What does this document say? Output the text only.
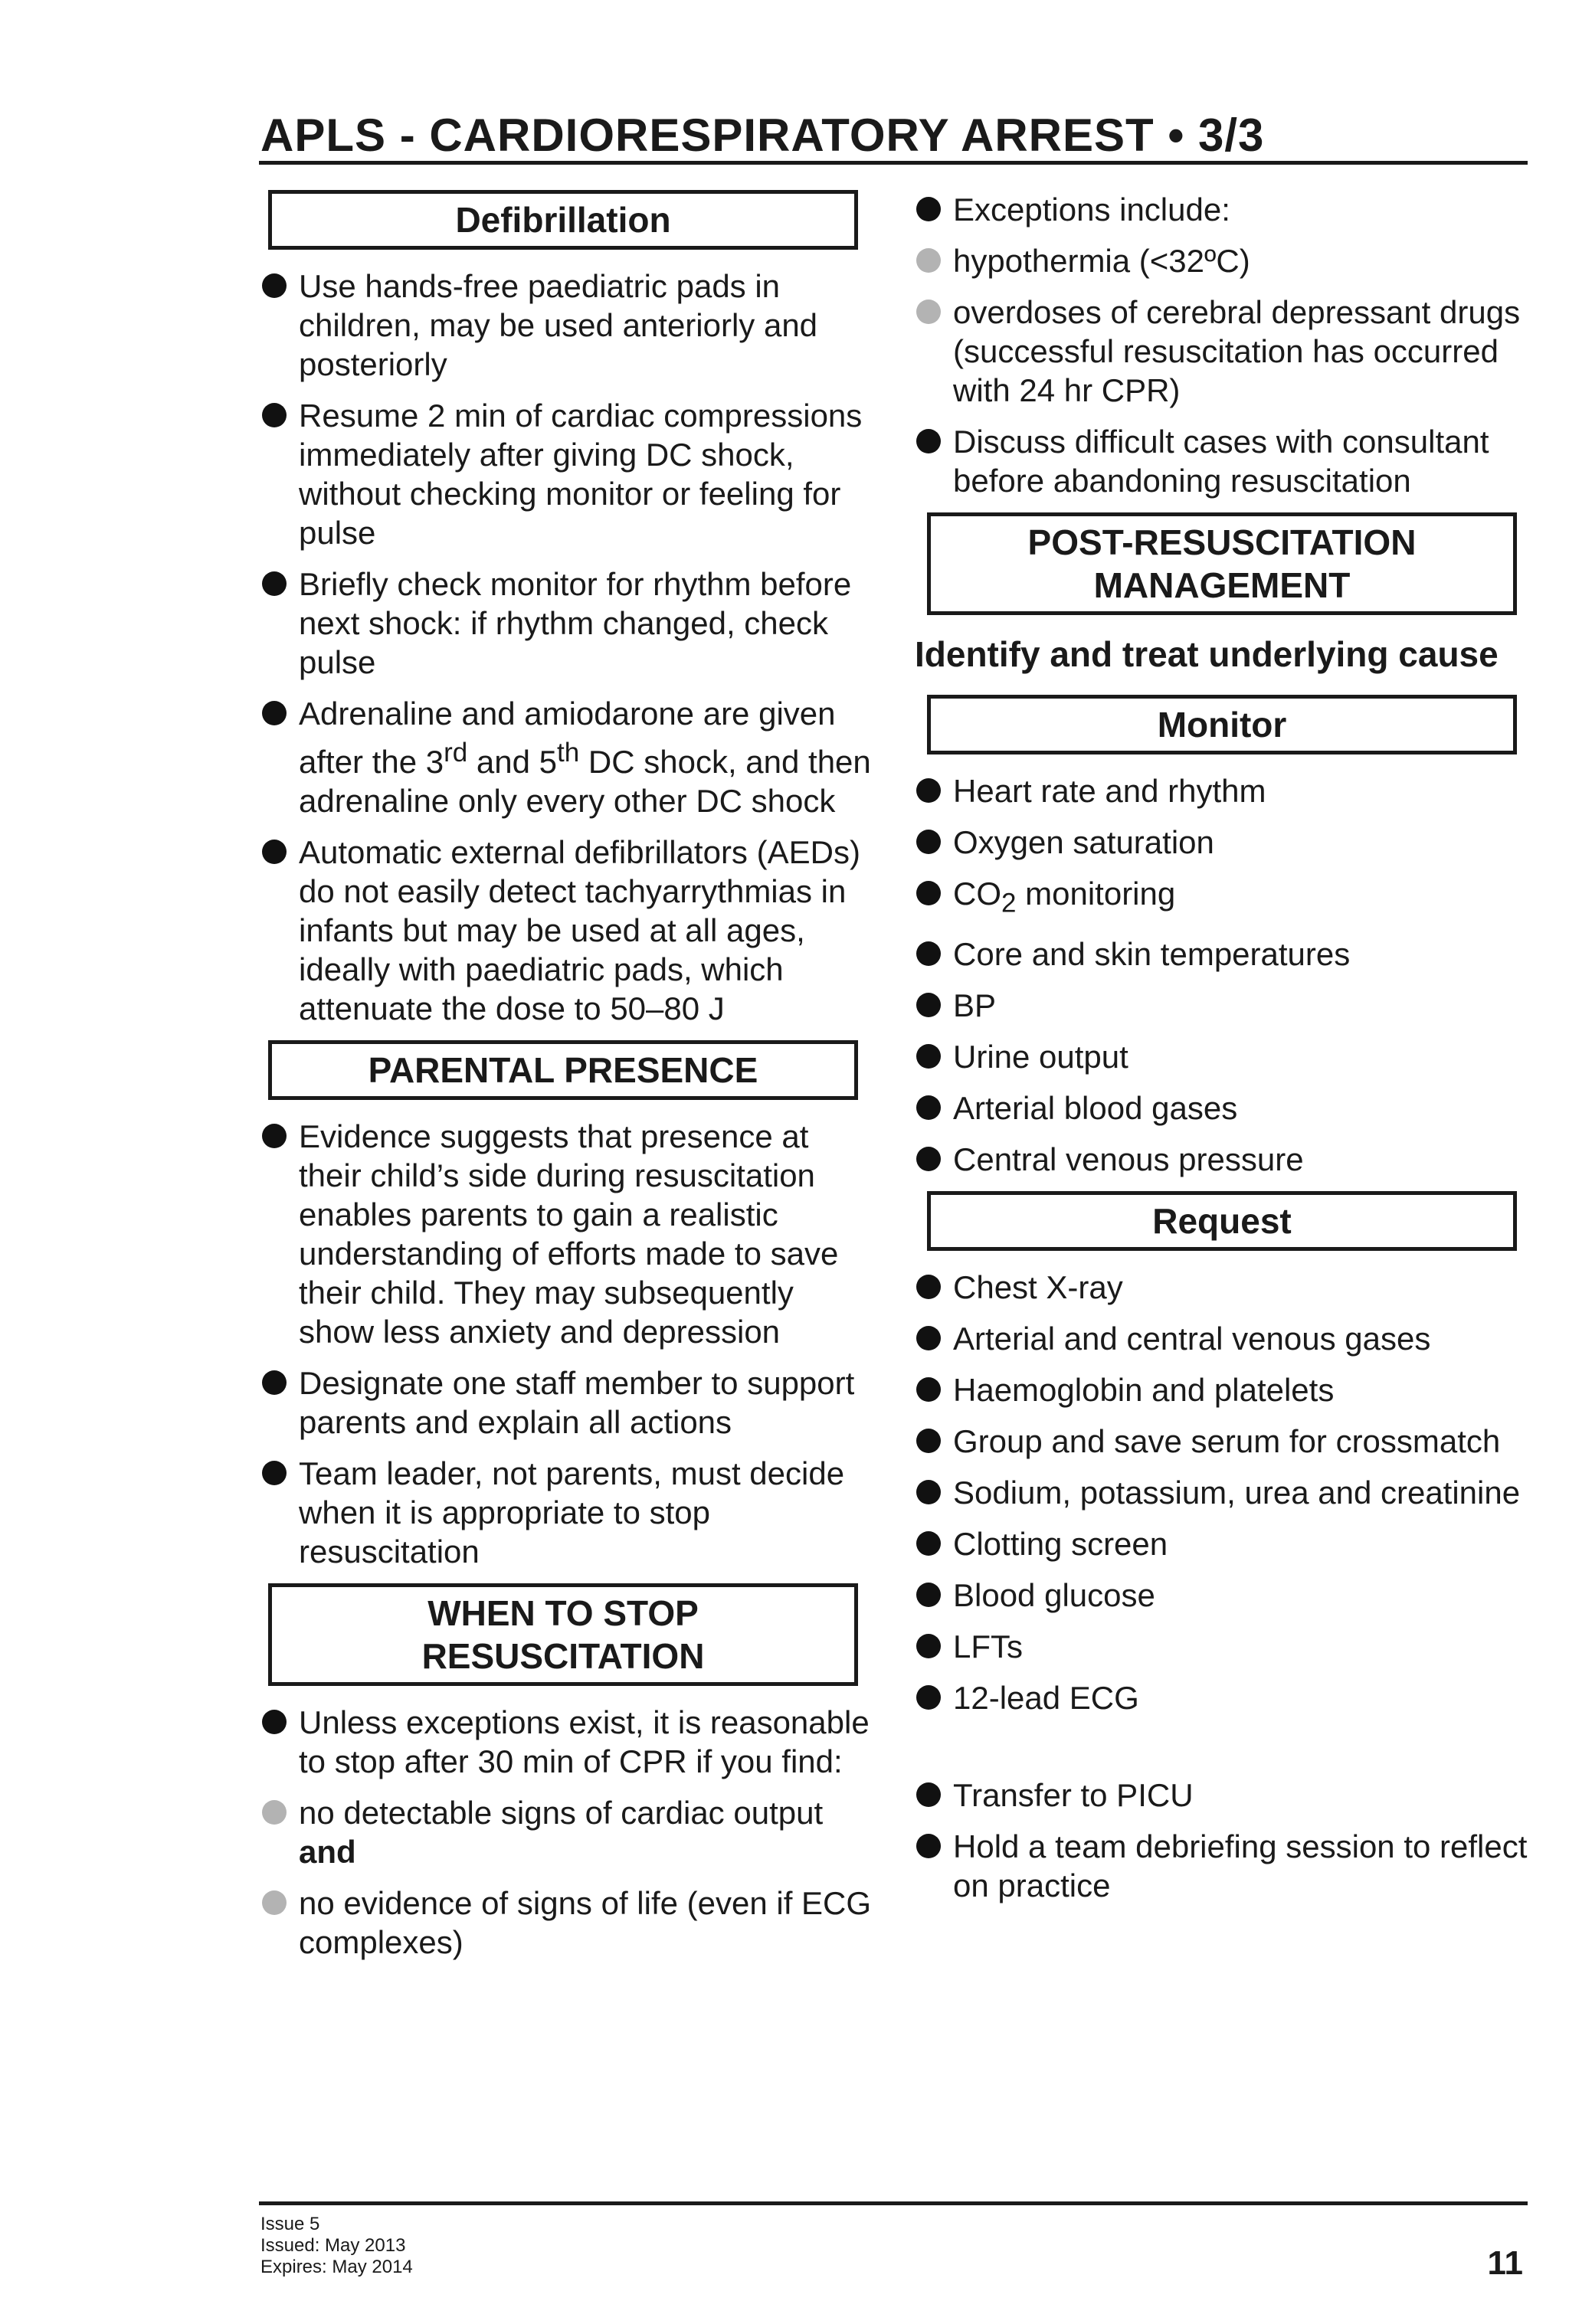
APLS - CARDIORESPIRATORY ARREST • 3/3
Defibrillation
Use hands-free paediatric pads in children, may be used anteriorly and posteriorly
Resume 2 min of cardiac compressions immediately after giving DC shock, without checking monitor or feeling for pulse
Briefly check monitor for rhythm before next shock: if rhythm changed, check pulse
Adrenaline and amiodarone are given after the 3rd and 5th DC shock, and then adrenaline only every other DC shock
Automatic external defibrillators (AEDs) do not easily detect tachyarrythmias in infants but may be used at all ages, ideally with paediatric pads, which attenuate the dose to 50–80 J
PARENTAL PRESENCE
Evidence suggests that presence at their child’s side during resuscitation enables parents to gain a realistic understanding of efforts made to save their child. They may subsequently show less anxiety and depression
Designate one staff member to support parents and explain all actions
Team leader, not parents, must decide when it is appropriate to stop resuscitation
WHEN TO STOP
RESUSCITATION
Unless exceptions exist, it is reasonable to stop after 30 min of CPR if you find:
no detectable signs of cardiac output
and
no evidence of signs of life (even if ECG complexes)
Exceptions include:
hypothermia (<32ºC)
overdoses of cerebral depressant drugs (successful resuscitation has occurred with 24 hr CPR)
Discuss difficult cases with consultant before abandoning resuscitation
POST-RESUSCITATION
MANAGEMENT
Identify and treat underlying cause
Monitor
Heart rate and rhythm
Oxygen saturation
$CO_2$ monitoring
Core and skin temperatures
BP
Urine output
Arterial blood gases
Central venous pressure
Request
Chest X-ray
Arterial and central venous gases
Haemoglobin and platelets
Group and save serum for crossmatch
Sodium, potassium, urea and creatinine
Clotting screen
Blood glucose
LFTs
12-lead ECG
Transfer to PICU
Hold a team debriefing session to reflect on practice
Issue 5
Issued: May 2013
Expires: May 2014	11
